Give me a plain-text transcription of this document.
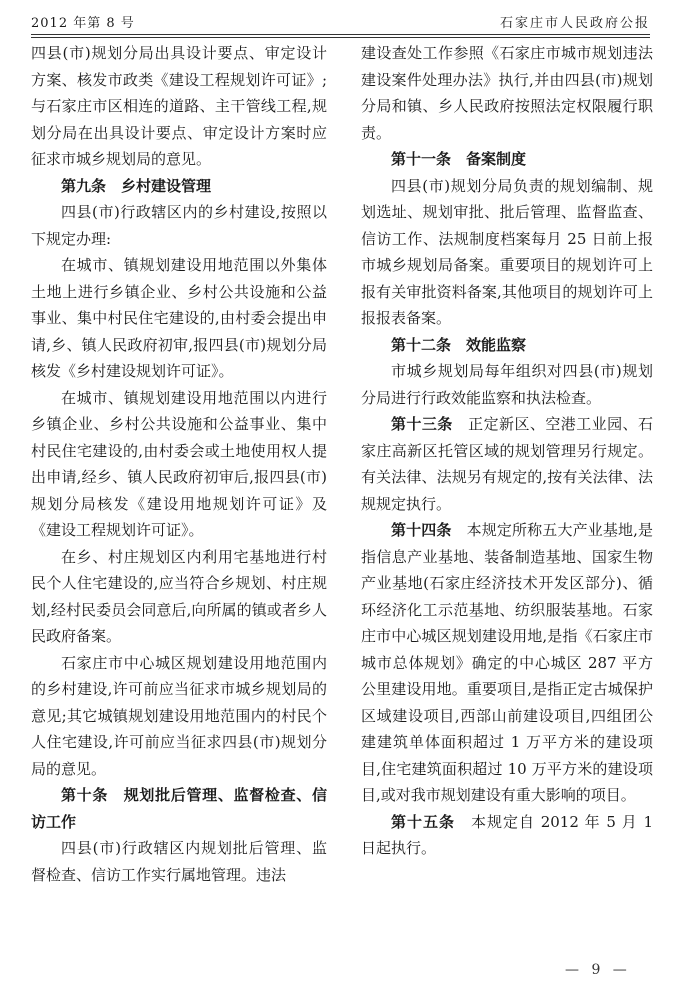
2012 年第 8 号	石家庄市人民政府公报

四县(市)规划分局出具设计要点、审定设计方案、核发市政类《建设工程规划许可证》;与石家庄市区相连的道路、主干管线工程,规划分局在出具设计要点、审定设计方案时应征求市城乡规划局的意见。

第九条　乡村建设管理

四县(市)行政辖区内的乡村建设,按照以下规定办理:

在城市、镇规划建设用地范围以外集体土地上进行乡镇企业、乡村公共设施和公益事业、集中村民住宅建设的,由村委会提出申请,乡、镇人民政府初审,报四县(市)规划分局核发《乡村建设规划许可证》。

在城市、镇规划建设用地范围以内进行乡镇企业、乡村公共设施和公益事业、集中村民住宅建设的,由村委会或土地使用权人提出申请,经乡、镇人民政府初审后,报四县(市)规划分局核发《建设用地规划许可证》及《建设工程规划许可证》。

在乡、村庄规划区内利用宅基地进行村民个人住宅建设的,应当符合乡规划、村庄规划,经村民委员会同意后,向所属的镇或者乡人民政府备案。

石家庄市中心城区规划建设用地范围内的乡村建设,许可前应当征求市城乡规划局的意见;其它城镇规划建设用地范围内的村民个人住宅建设,许可前应当征求四县(市)规划分局的意见。

第十条　规划批后管理、监督检查、信访工作

四县(市)行政辖区内规划批后管理、监督检查、信访工作实行属地管理。违法

建设查处工作参照《石家庄市城市规划违法建设案件处理办法》执行,并由四县(市)规划分局和镇、乡人民政府按照法定权限履行职责。

第十一条　备案制度

四县(市)规划分局负责的规划编制、规划选址、规划审批、批后管理、监督监查、信访工作、法规制度档案每月 25 日前上报市城乡规划局备案。重要项目的规划许可上报有关审批资料备案,其他项目的规划许可上报报表备案。

第十二条　效能监察

市城乡规划局每年组织对四县(市)规划分局进行行政效能监察和执法检查。

第十三条　正定新区、空港工业园、石家庄高新区托管区域的规划管理另行规定。有关法律、法规另有规定的,按有关法律、法规规定执行。

第十四条　本规定所称五大产业基地,是指信息产业基地、装备制造基地、国家生物产业基地(石家庄经济技术开发区部分)、循环经济化工示范基地、纺织服装基地。石家庄市中心城区规划建设用地,是指《石家庄市城市总体规划》确定的中心城区 287 平方公里建设用地。重要项目,是指正定古城保护区域建设项目,西部山前建设项目,四组团公建建筑单体面积超过 1 万平方米的建设项目,住宅建筑面积超过 10 万平方米的建设项目,或对我市规划建设有重大影响的项目。

第十五条　本规定自 2012 年 5 月 1 日起执行。

— 9 —
